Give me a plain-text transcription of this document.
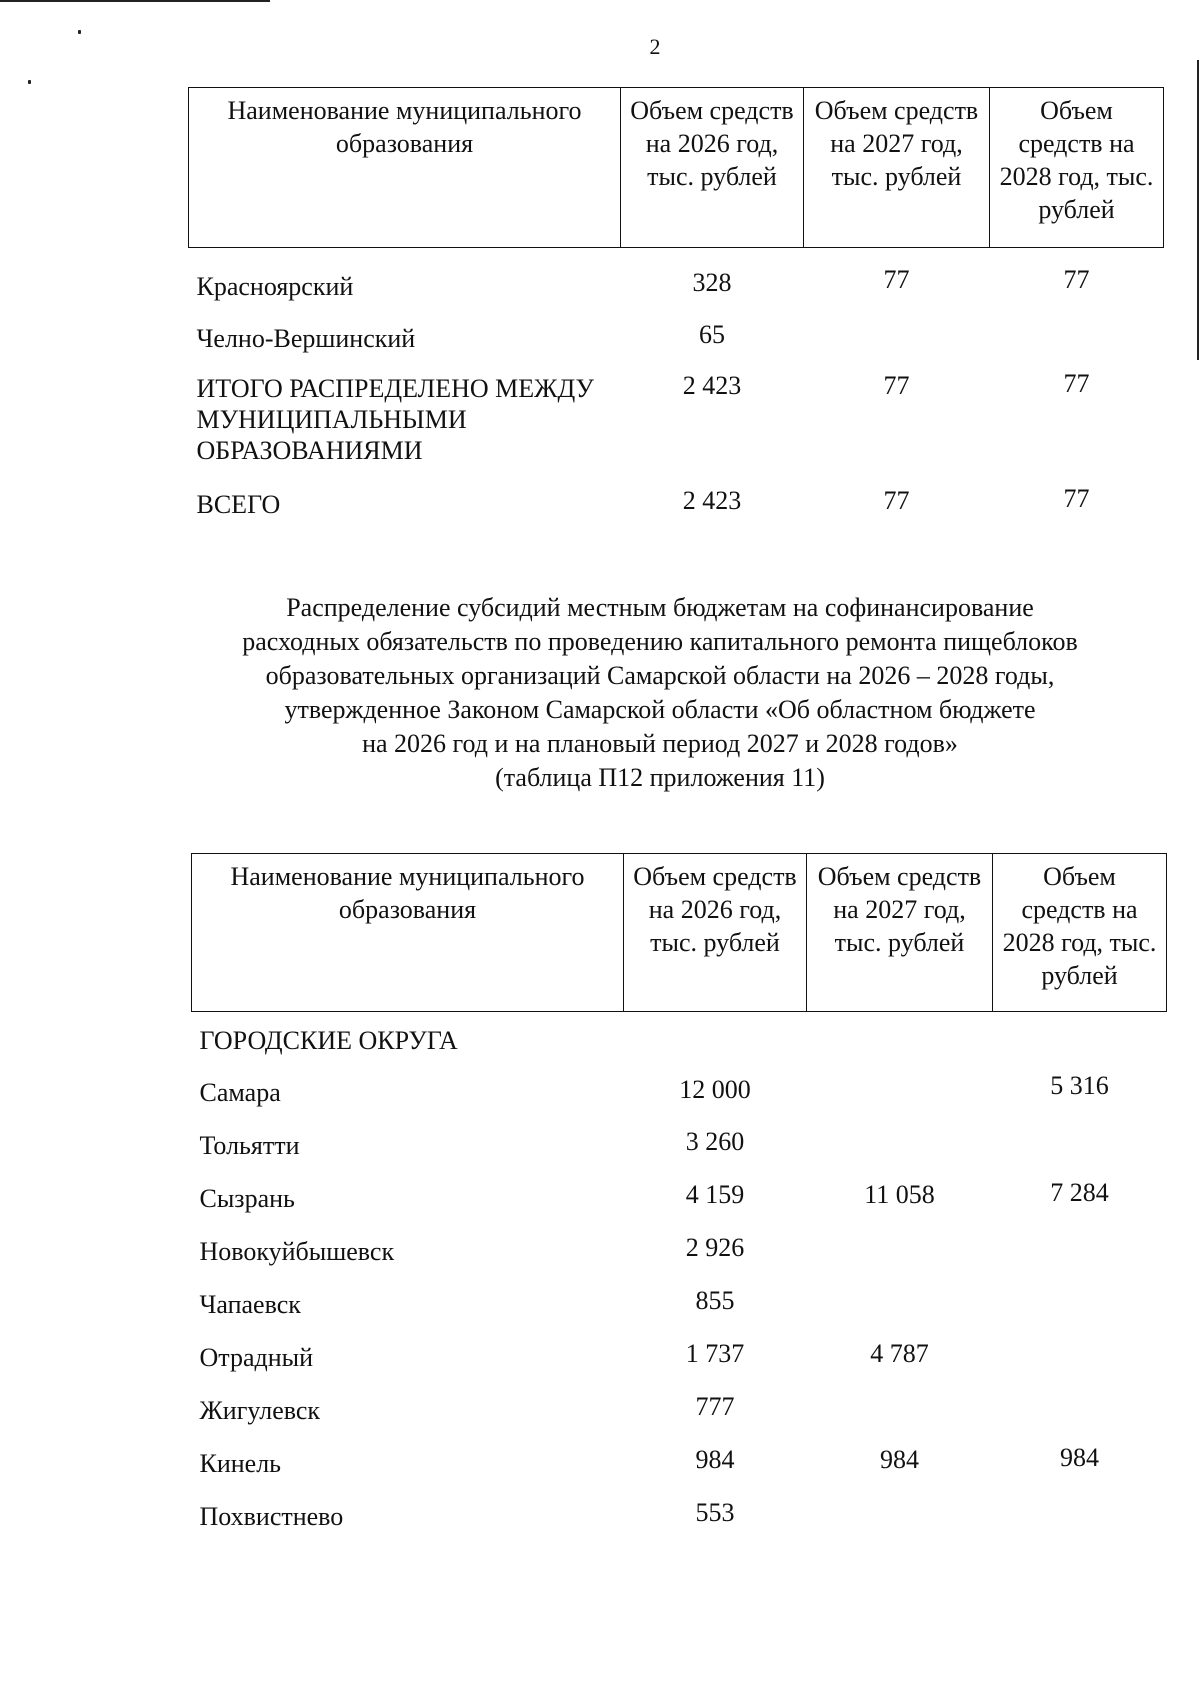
2
Наименование муниципального образования	Объем средств на 2026 год, тыс. рублей	Объем средств на 2027 год, тыс. рублей	Объем средств на 2028 год, тыс. рублей
Красноярский	328	77	77
Челно-Вершинский	65		
ИТОГО РАСПРЕДЕЛЕНО МЕЖДУ МУНИЦИПАЛЬНЫМИ ОБРАЗОВАНИЯМИ	2 423	77	77
ВСЕГО	2 423	77	77
Распределение субсидий местным бюджетам на софинансирование
расходных обязательств по проведению капитального ремонта пищеблоков
образовательных организаций Самарской области на 2026 – 2028 годы,
утвержденное Законом Самарской области «Об областном бюджете
на 2026 год и на плановый период 2027 и 2028 годов»
(таблица П12 приложения 11)
Наименование муниципального образования	Объем средств на 2026 год, тыс. рублей	Объем средств на 2027 год, тыс. рублей	Объем средств на 2028 год, тыс. рублей
ГОРОДСКИЕ ОКРУГА			
Самара	12 000		5 316
Тольятти	3 260		
Сызрань	4 159	11 058	7 284
Новокуйбышевск	2 926		
Чапаевск	855		
Отрадный	1 737	4 787	
Жигулевск	777		
Кинель	984	984	984
Похвистнево	553		
